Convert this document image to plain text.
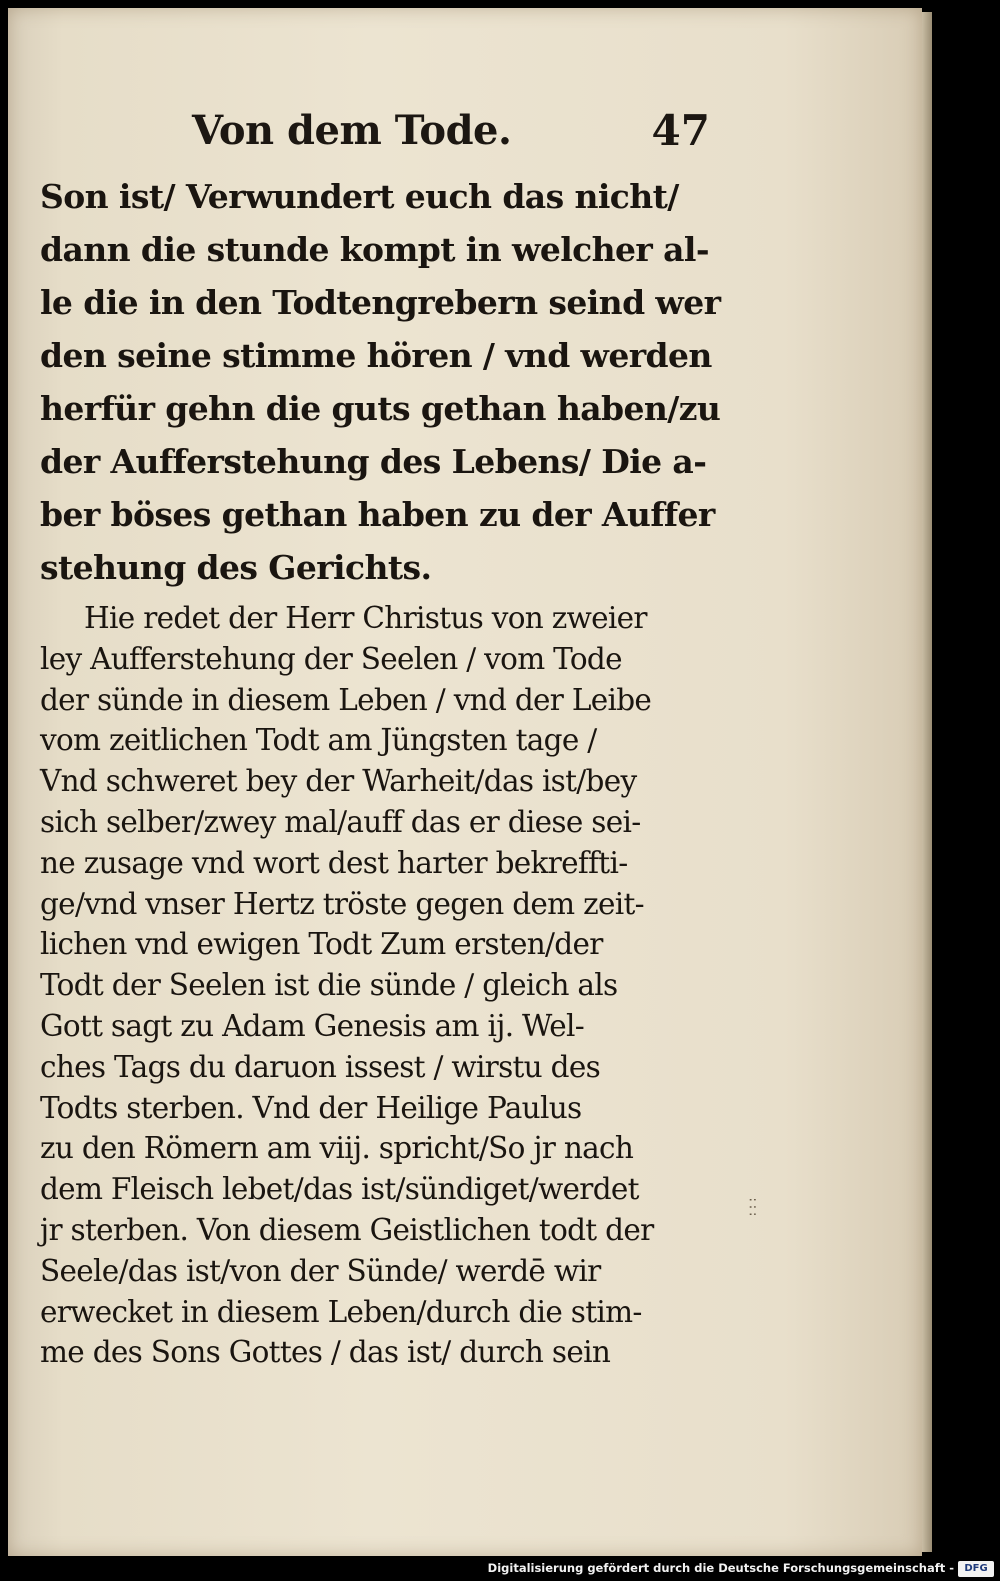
Von dem Tode.	47
Son ist/ Verwundert euch das nicht/
dann die stunde kompt in welcher al-
le die in den Todtengrebern seind wer
den seine stimme hören / vnd werden
herfür gehn die guts gethan haben/zu
der Aufferstehung des Lebens/ Die a-
ber böses gethan haben zu der Auffer
stehung des Gerichts.
Hie redet der Herr Christus von zweier
ley Aufferstehung der Seelen / vom Tode
der sünde in diesem Leben / vnd der Leibe
vom zeitlichen Todt am Jüngsten tage /
Vnd schweret bey der Warheit/das ist/bey
sich selber/zwey mal/auff das er diese sei-
ne zusage vnd wort dest harter bekreffti-
ge/vnd vnser Hertz tröste gegen dem zeit-
lichen vnd ewigen Todt Zum ersten/der
Todt der Seelen ist die sünde / gleich als
Gott sagt zu Adam Genesis am ij. Wel-
ches Tags du daruon issest / wirstu des
Todts sterben. Vnd der Heilige Paulus
zu den Römern am viij. spricht/So jr nach
dem Fleisch lebet/das ist/sündiget/werdet
jr sterben. Von diesem Geistlichen todt der
Seele/das ist/von der Sünde/ werdē wir
erwecket in diesem Leben/durch die stim-
me des Sons Gottes / das ist/ durch sein
∶∶∶
Digitalisierung gefördert durch die Deutsche Forschungsgemeinschaft -	DFG
